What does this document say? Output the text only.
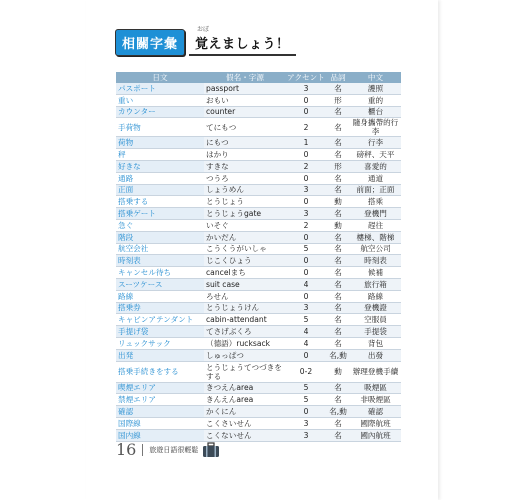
相關字彙
おぼ
覚えましょう！
日文	假名・字源	アクセント	品詞	中文
パスポート	passport	3	名	護照
重い	おもい	0	形	重的
カウンター	counter	0	名	櫃台
手荷物	てにもつ	2	名	隨身攜帶的行李
荷物	にもつ	1	名	行李
秤	はかり	0	名	磅秤、天平
好きな	すきな	2	形	喜愛的
通路	つうろ	0	名	通道
正面	しょうめん	3	名	前面；正面
搭乗する	とうじょう	0	動	搭乘
搭乗ゲート	とうじょうgate	3	名	登機門
急ぐ	いそぐ	2	動	趕往
階段	かいだん	0	名	樓梯、階梯
航空会社	こうくうがいしゃ	5	名	航空公司
時刻表	じこくひょう	0	名	時刻表
キャンセル待ち	cancelまち	0	名	候補
スーツケース	suit case	4	名	旅行箱
路線	ろせん	0	名	路線
搭乗券	とうじょうけん	3	名	登機證
キャビンアテンダント	cabin-attendant	5	名	空服員
手提げ袋	てさげぶくろ	4	名	手提袋
リュックサック	（德語）rucksack	4	名	背包
出発	しゅっぱつ	0	名,動	出發
搭乗手続きをする	とうじょうてつづきをする	0-2	動	辦理登機手續
喫煙エリア	きつえんarea	5	名	吸煙區
禁煙エリア	きんえんarea	5	名	非吸煙區
確認	かくにん	0	名,動	確認
国際線	こくさいせん	3	名	國際航班
国内線	こくないせん	3	名	國內航班
16 旅遊日語很輕鬆
